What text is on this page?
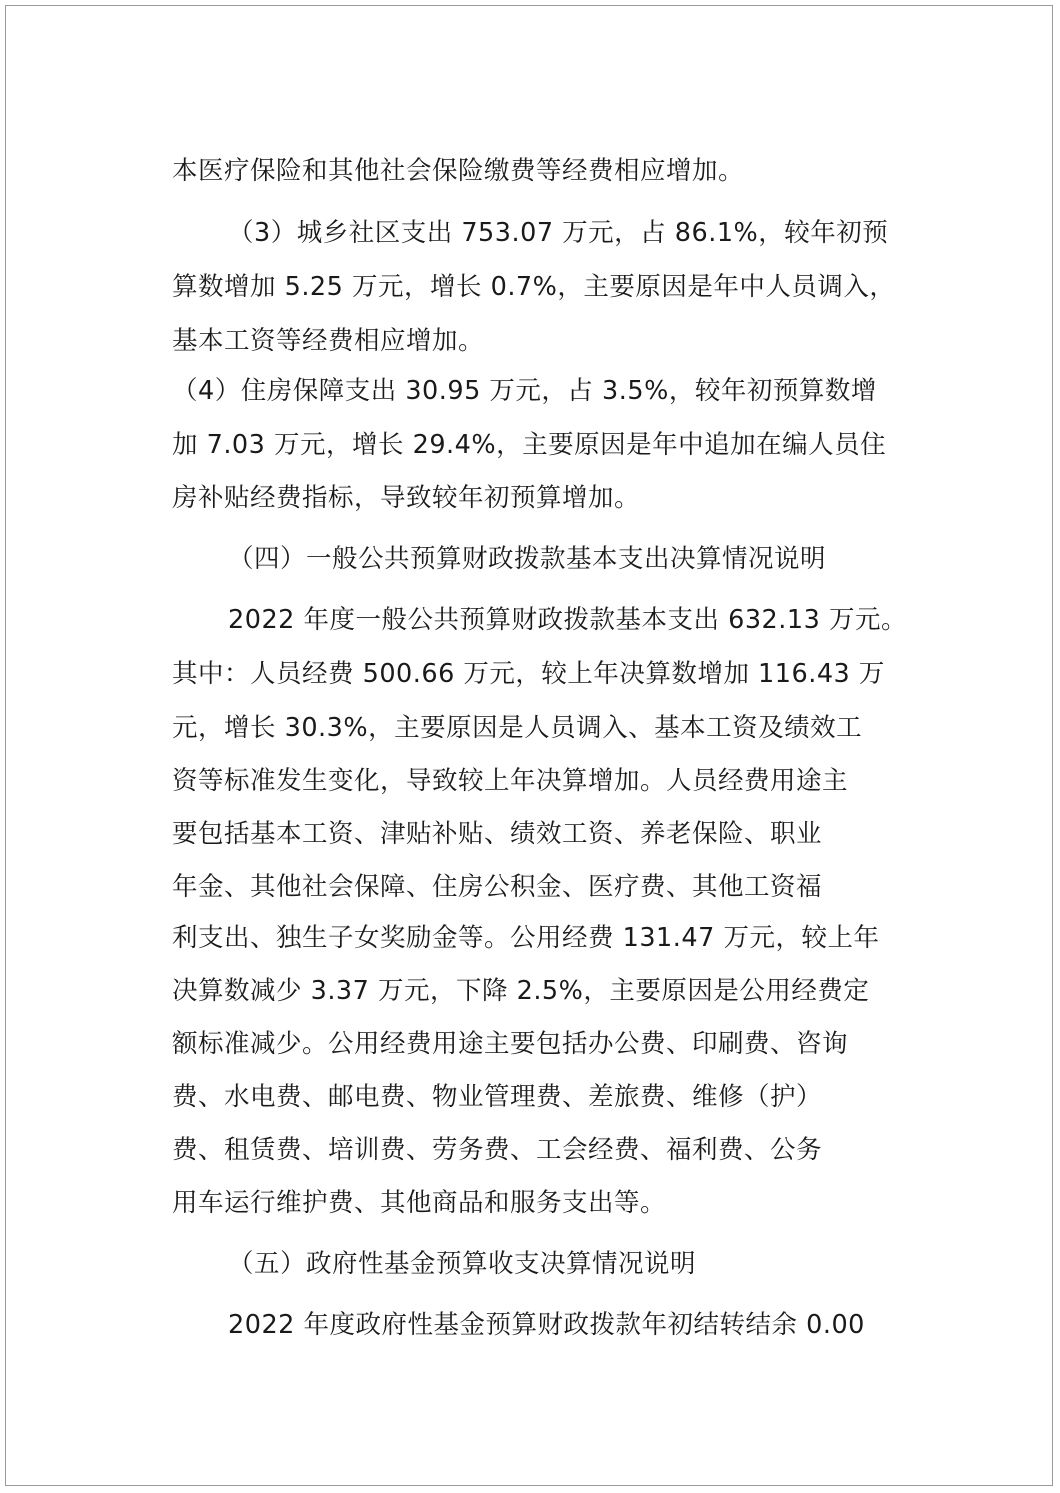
本医疗保险和其他社会保险缴费等经费相应增加。
（3）城乡社区支出 753.07 万元，占 86.1%，较年初预
算数增加 5.25 万元，增长 0.7%，主要原因是年中人员调入，
基本工资等经费相应增加。
（4）住房保障支出 30.95 万元，占 3.5%，较年初预算数增
加 7.03 万元，增长 29.4%，主要原因是年中追加在编人员住
房补贴经费指标，导致较年初预算增加。
（四）一般公共预算财政拨款基本支出决算情况说明
2022 年度一般公共预算财政拨款基本支出 632.13 万元。
其中：人员经费 500.66 万元，较上年决算数增加 116.43 万
元，增长 30.3%，主要原因是人员调入、基本工资及绩效工
资等标准发生变化，导致较上年决算增加。人员经费用途主
要包括基本工资、津贴补贴、绩效工资、养老保险、职业
年金、其他社会保障、住房公积金、医疗费、其他工资福
利支出、独生子女奖励金等。公用经费 131.47 万元，较上年
决算数减少 3.37 万元，下降 2.5%，主要原因是公用经费定
额标准减少。公用经费用途主要包括办公费、印刷费、咨询
费、水电费、邮电费、物业管理费、差旅费、维修（护）
费、租赁费、培训费、劳务费、工会经费、福利费、公务
用车运行维护费、其他商品和服务支出等。
（五）政府性基金预算收支决算情况说明
2022 年度政府性基金预算财政拨款年初结转结余 0.00
